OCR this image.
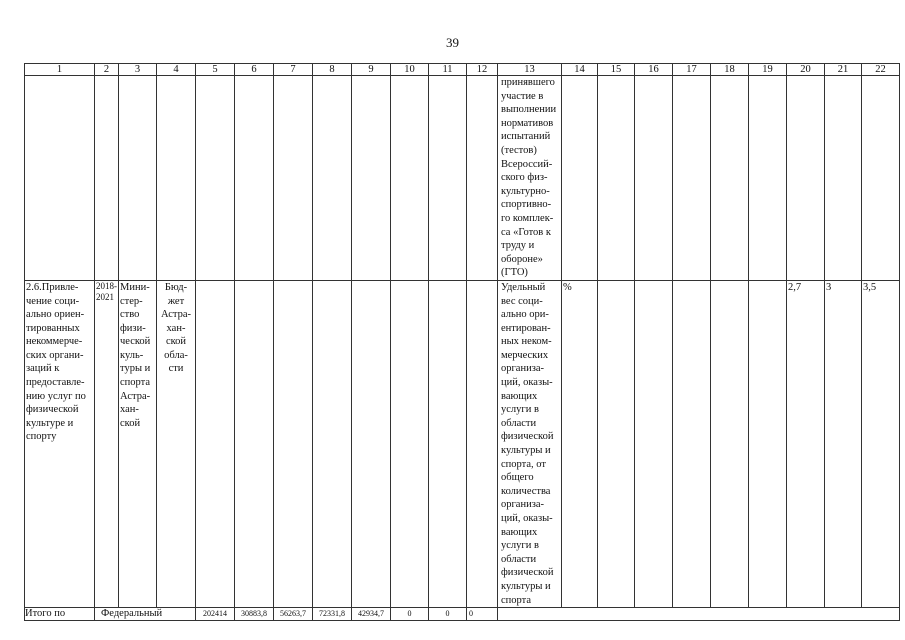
39
1	2	3	4	5	6	7	8	9	10	11	12	13	14	15	16	17	18	19	20	21	22
												принявшего участие в выполнении нормативов испытаний (тестов) Всероссий-ского физ-культурно-спортивно-го комплек-са «Готов к труду и обороне» (ГТО)									
2.6.Привле-чение соци-ально ориен-тированных некоммерче-ских органи-заций к предоставле-нию услуг по физической культуре и спорту	2018-2021	Мини-стер-ство физи-ческой куль-туры и спорта Астра-хан-ской	Бюд-жет Астра-хан-ской обла-сти									Удельный вес соци-ально ори-ентирован-ных неком-мерческих организа-ций, оказы-вающих услуги в области физической культуры и спорта, от общего количества организа-ций, оказы-вающих услуги в области физической культуры и спорта	%						2,7	3	3,5
Итого по	Федеральный			202414	30883,8	56263,7	72331,8	42934,7	0	0	0										
